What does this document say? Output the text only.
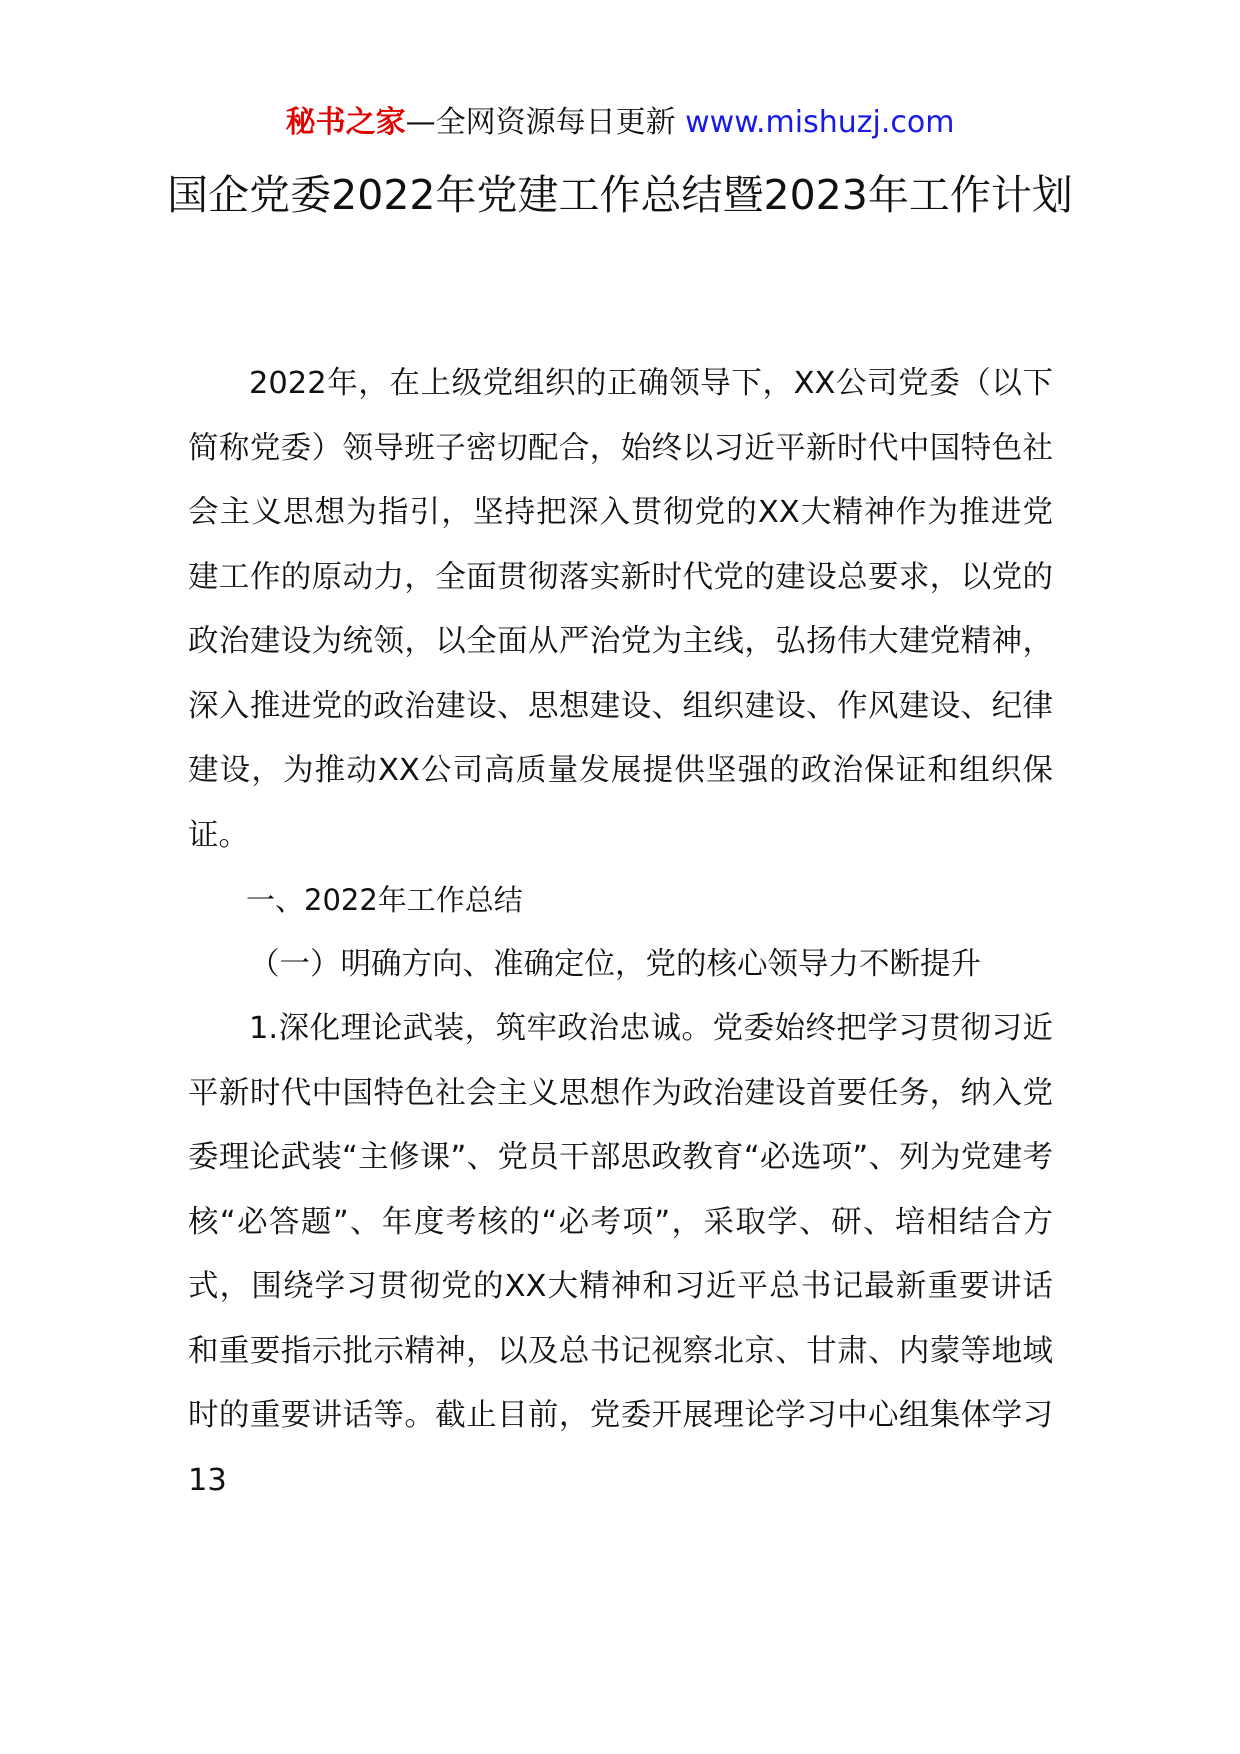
秘书之家—全网资源每日更新 www.mishuzj.com
国企党委2022年党建工作总结暨2023年工作计划

2022年，在上级党组织的正确领导下，XX公司党委（以下简称党委）领导班子密切配合，始终以习近平新时代中国特色社会主义思想为指引，坚持把深入贯彻党的XX大精神作为推进党建工作的原动力，全面贯彻落实新时代党的建设总要求，以党的政治建设为统领，以全面从严治党为主线，弘扬伟大建党精神，深入推进党的政治建设、思想建设、组织建设、作风建设、纪律建设，为推动XX公司高质量发展提供坚强的政治保证和组织保证。

一、2022年工作总结

（一）明确方向、准确定位，党的核心领导力不断提升

1.深化理论武装，筑牢政治忠诚。党委始终把学习贯彻习近平新时代中国特色社会主义思想作为政治建设首要任务，纳入党委理论武装“主修课”、党员干部思政教育“必选项”、列为党建考核“必答题”、年度考核的“必考项”，采取学、研、培相结合方式，围绕学习贯彻党的XX大精神和习近平总书记最新重要讲话和重要指示批示精神，以及总书记视察北京、甘肃、内蒙等地域时的重要讲话等。截止目前，党委开展理论学习中心组集体学习13
